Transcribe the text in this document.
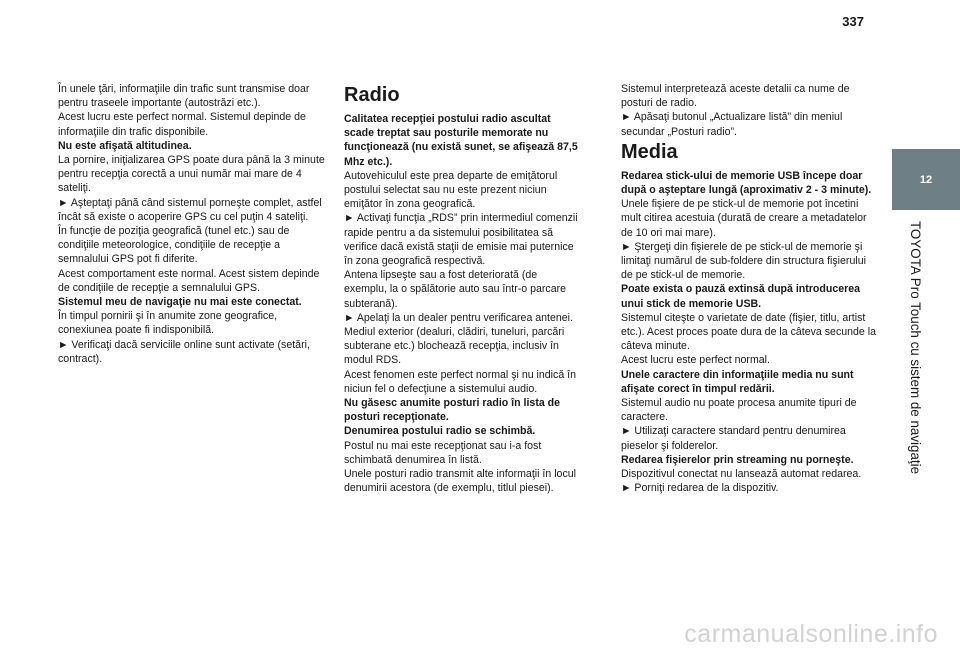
337

În unele ţări, informaţiile din trafic sunt transmise doar pentru traseele importante (autostrăzi etc.).

Acest lucru este perfect normal. Sistemul depinde de informaţiile din trafic disponibile.

Nu este afişată altitudinea.

La pornire, iniţializarea GPS poate dura până la 3 minute pentru recepţia corectă a unui număr mai mare de 4 sateliţi.

► Aşteptaţi până când sistemul porneşte complet, astfel încât să existe o acoperire GPS cu cel puţin 4 sateliţi.

În funcţie de poziţia geografică (tunel etc.) sau de condiţiile meteorologice, condiţiile de recepţie a semnalului GPS pot fi diferite.

Acest comportament este normal. Acest sistem depinde de condiţiile de recepţie a semnalului GPS.

Sistemul meu de navigaţie nu mai este conectat.

În timpul pornirii şi în anumite zone geografice, conexiunea poate fi indisponibilă.

► Verificaţi dacă serviciile online sunt activate (setări, contract).

Radio

Calitatea recepţiei postului radio ascultat scade treptat sau posturile memorate nu funcţionează (nu există sunet, se afişează 87,5 Mhz etc.).

Autovehiculul este prea departe de emiţătorul postului selectat sau nu este prezent niciun emiţător în zona geografică.

► Activaţi funcţia „RDS” prin intermediul comenzii rapide pentru a da sistemului posibilitatea să verifice dacă există staţii de emisie mai puternice în zona geografică respectivă.

Antena lipseşte sau a fost deteriorată (de exemplu, la o spălătorie auto sau într-o parcare subterană).

► Apelaţi la un dealer pentru verificarea antenei.

Mediul exterior (dealuri, clădiri, tuneluri, parcări subterane etc.) blochează recepţia, inclusiv în modul RDS.

Acest fenomen este perfect normal şi nu indică în niciun fel o defecţiune a sistemului audio.

Nu găsesc anumite posturi radio în lista de posturi recepţionate.

Denumirea postului radio se schimbă.

Postul nu mai este recepţionat sau i-a fost schimbată denumirea în listă.

Unele posturi radio transmit alte informaţii în locul denumirii acestora (de exemplu, titlul piesei).

Sistemul interpretează aceste detalii ca nume de posturi de radio.

► Apăsaţi butonul „Actualizare listă” din meniul secundar „Posturi radio”.

Media

Redarea stick-ului de memorie USB începe doar după o aşteptare lungă (aproximativ 2 - 3 minute).

Unele fişiere de pe stick-ul de memorie pot încetini mult citirea acestuia (durată de creare a metadatelor de 10 ori mai mare).

► Ştergeţi din fişierele de pe stick-ul de memorie şi limitaţi numărul de sub-foldere din structura fişierului de pe stick-ul de memorie.

Poate exista o pauză extinsă după introducerea unui stick de memorie USB.

Sistemul citeşte o varietate de date (fişier, titlu, artist etc.). Acest proces poate dura de la câteva secunde la câteva minute.

Acest lucru este perfect normal.

Unele caractere din informaţiile media nu sunt afişate corect în timpul redării.

Sistemul audio nu poate procesa anumite tipuri de caractere.

► Utilizaţi caractere standard pentru denumirea pieselor şi folderelor.

Redarea fişierelor prin streaming nu porneşte.

Dispozitivul conectat nu lansează automat redarea.

► Porniţi redarea de la dispozitiv.

12
TOYOTA Pro Touch cu sistem de navigaţie
carmanualsonline.info
